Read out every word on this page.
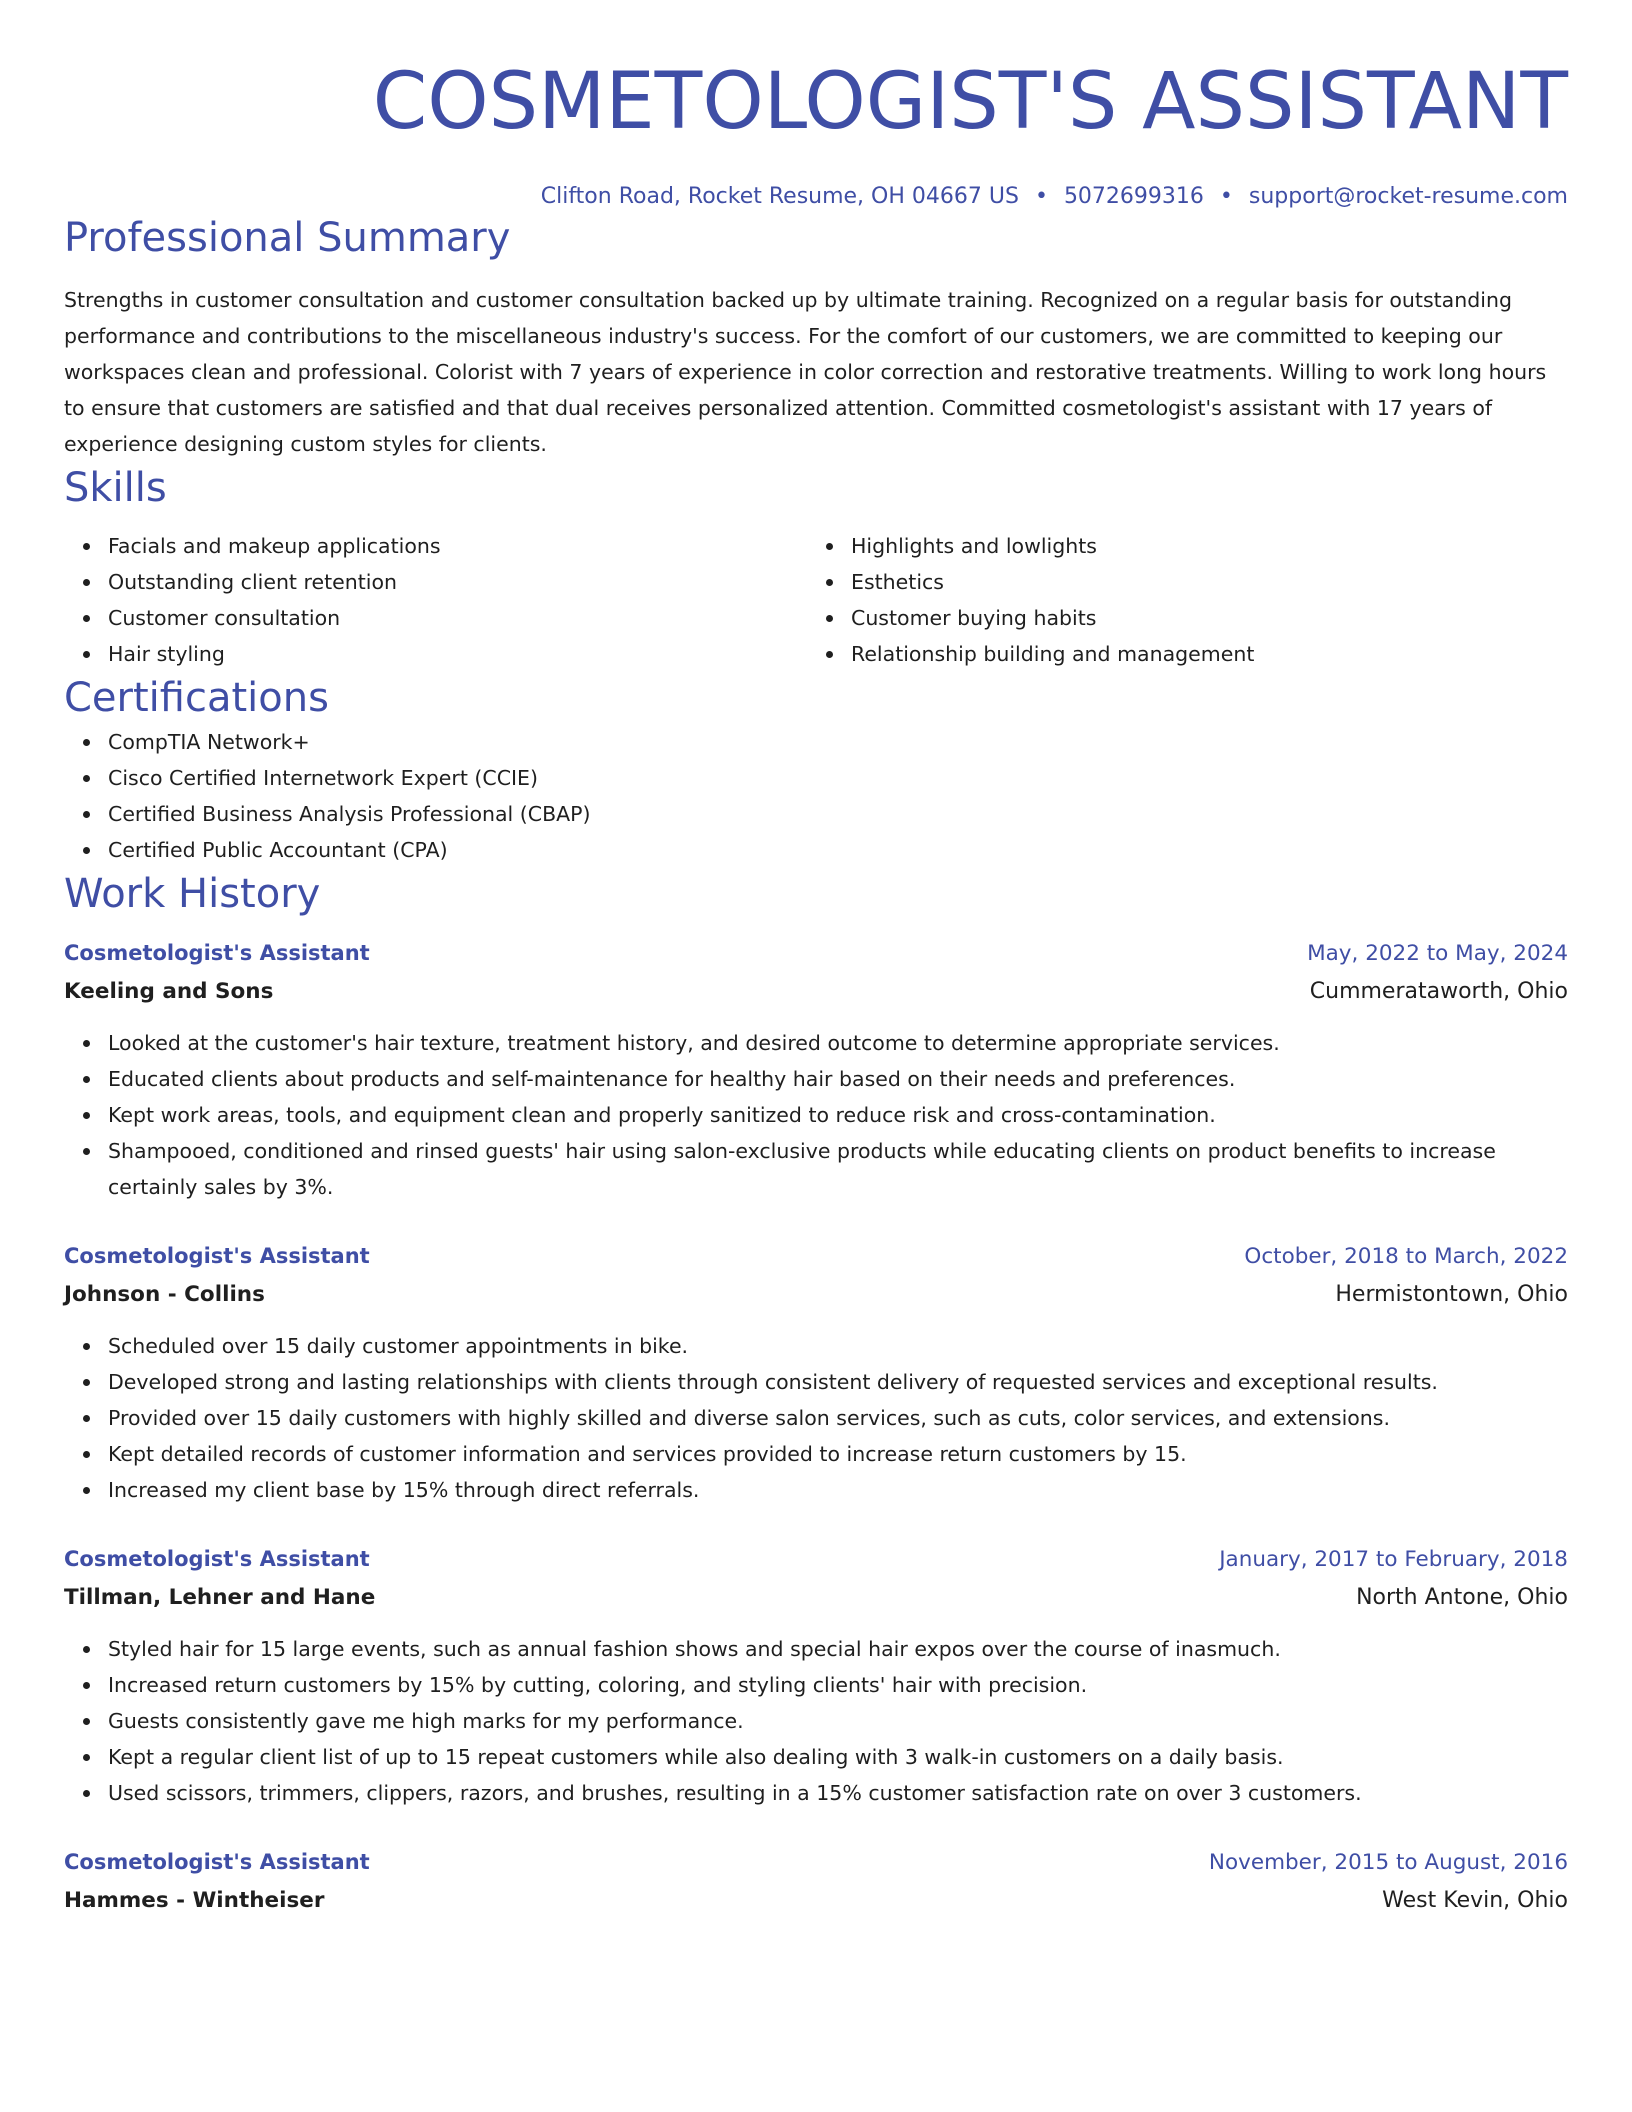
COSMETOLOGIST'S ASSISTANT
Clifton Road, Rocket Resume, OH 04667 US • 5072699316 • support@rocket-resume.com
Professional Summary
Strengths in customer consultation and customer consultation backed up by ultimate training. Recognized on a regular basis for outstanding performance and contributions to the miscellaneous industry's success. For the comfort of our customers, we are committed to keeping our workspaces clean and professional. Colorist with 7 years of experience in color correction and restorative treatments. Willing to work long hours to ensure that customers are satisfied and that dual receives personalized attention. Committed cosmetologist's assistant with 17 years of experience designing custom styles for clients.
Skills
Facials and makeup applications
Outstanding client retention
Customer consultation
Hair styling
Highlights and lowlights
Esthetics
Customer buying habits
Relationship building and management
Certifications
CompTIA Network+
Cisco Certified Internetwork Expert (CCIE)
Certified Business Analysis Professional (CBAP)
Certified Public Accountant (CPA)
Work History
Cosmetologist's Assistant	May, 2022 to May, 2024
Keeling and Sons	Cummerataworth, Ohio
Looked at the customer's hair texture, treatment history, and desired outcome to determine appropriate services.
Educated clients about products and self-maintenance for healthy hair based on their needs and preferences.
Kept work areas, tools, and equipment clean and properly sanitized to reduce risk and cross-contamination.
Shampooed, conditioned and rinsed guests' hair using salon-exclusive products while educating clients on product benefits to increase certainly sales by 3%.
Cosmetologist's Assistant	October, 2018 to March, 2022
Johnson - Collins	Hermistontown, Ohio
Scheduled over 15 daily customer appointments in bike.
Developed strong and lasting relationships with clients through consistent delivery of requested services and exceptional results.
Provided over 15 daily customers with highly skilled and diverse salon services, such as cuts, color services, and extensions.
Kept detailed records of customer information and services provided to increase return customers by 15.
Increased my client base by 15% through direct referrals.
Cosmetologist's Assistant	January, 2017 to February, 2018
Tillman, Lehner and Hane	North Antone, Ohio
Styled hair for 15 large events, such as annual fashion shows and special hair expos over the course of inasmuch.
Increased return customers by 15% by cutting, coloring, and styling clients' hair with precision.
Guests consistently gave me high marks for my performance.
Kept a regular client list of up to 15 repeat customers while also dealing with 3 walk-in customers on a daily basis.
Used scissors, trimmers, clippers, razors, and brushes, resulting in a 15% customer satisfaction rate on over 3 customers.
Cosmetologist's Assistant	November, 2015 to August, 2016
Hammes - Wintheiser	West Kevin, Ohio
